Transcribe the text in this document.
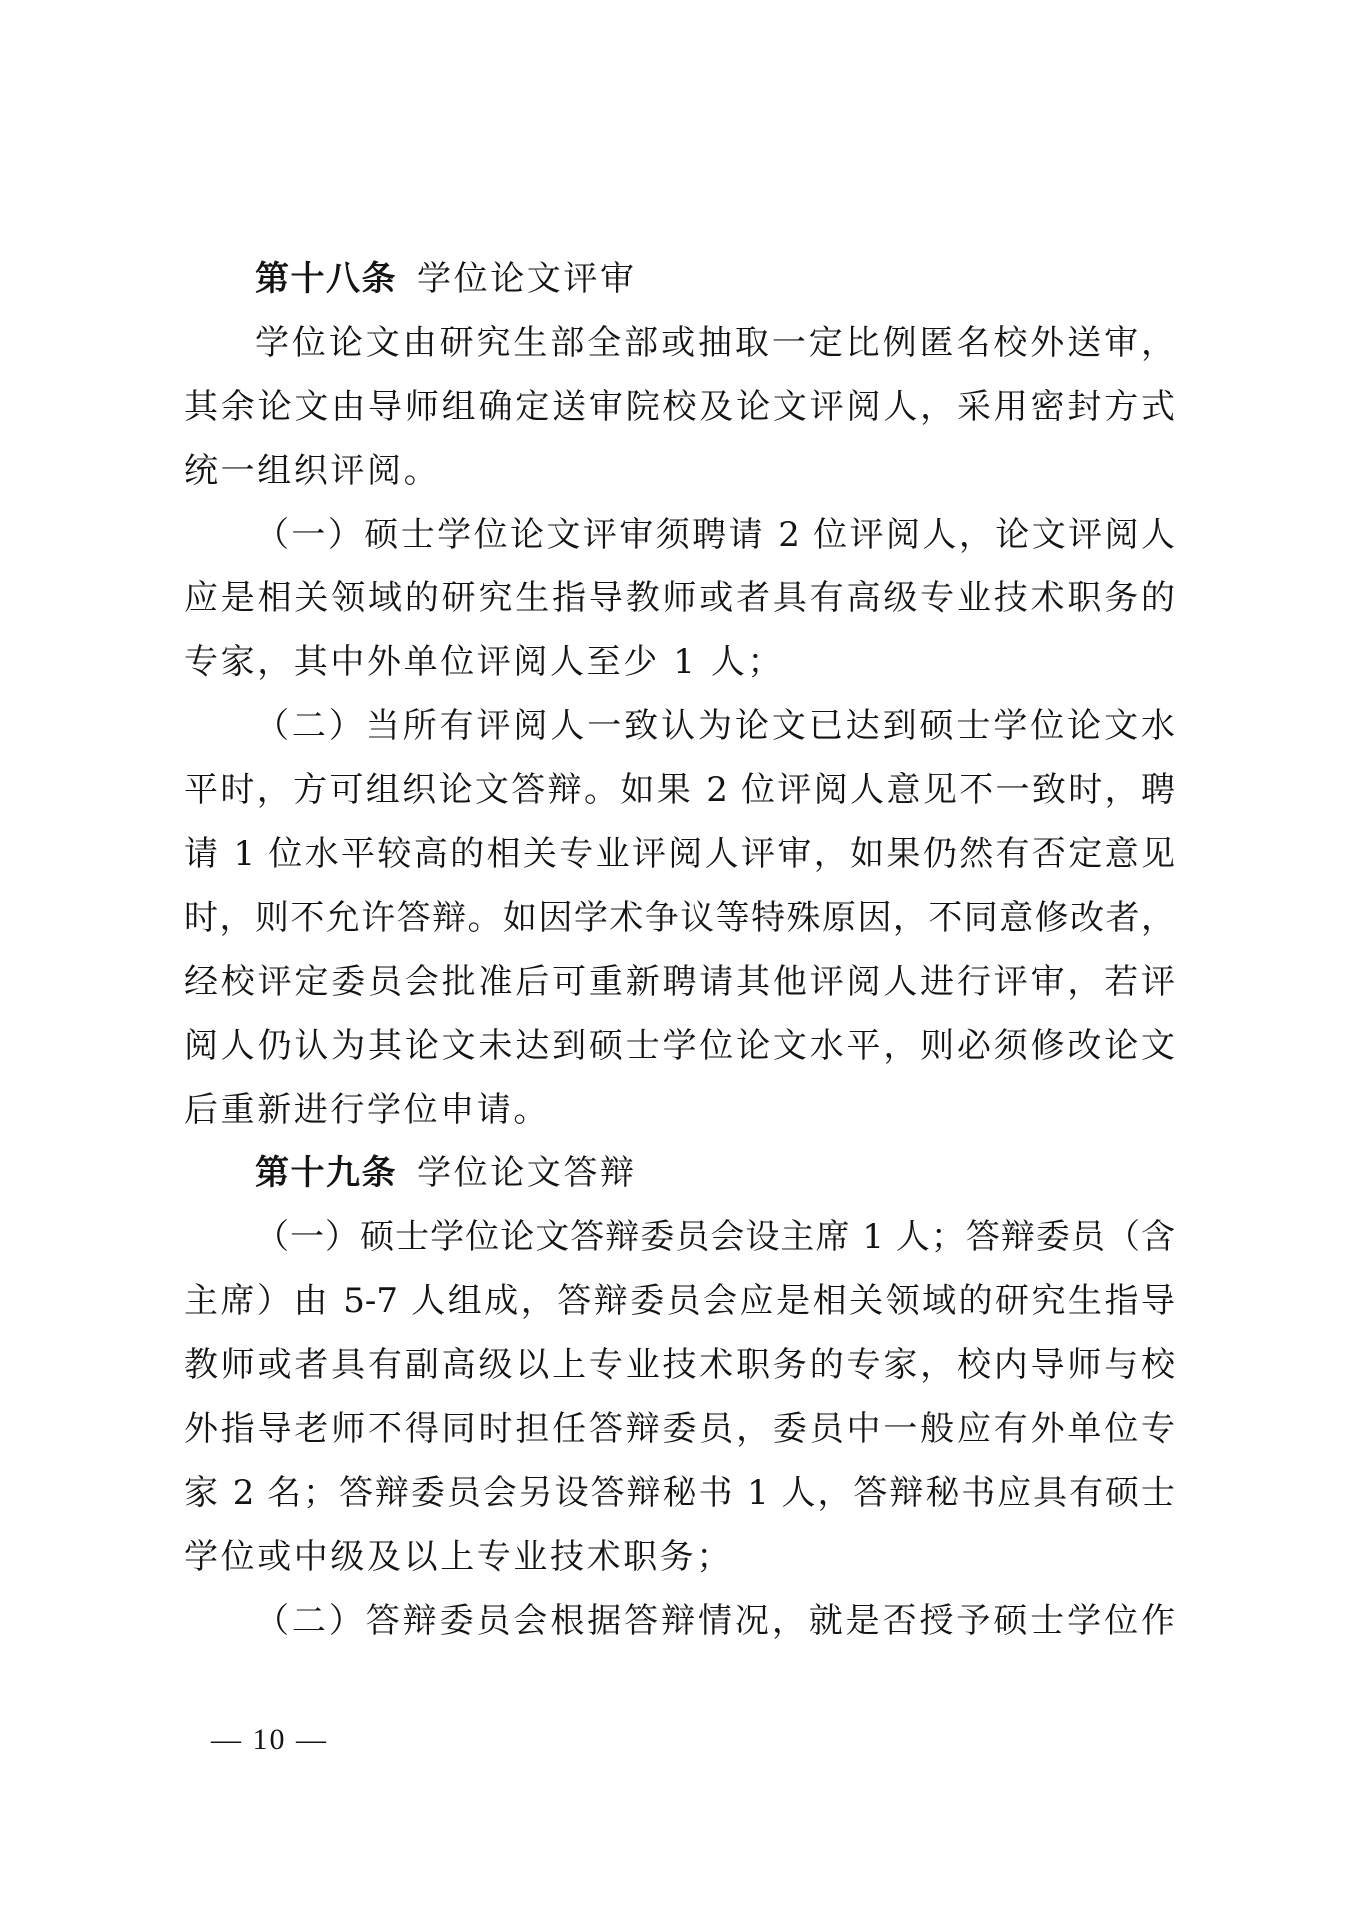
第十八条 学位论文评审
学位论文由研究生部全部或抽取一定比例匿名校外送审，
其余论文由导师组确定送审院校及论文评阅人，采用密封方式
统一组织评阅。
（一）硕士学位论文评审须聘请 2 位评阅人，论文评阅人
应是相关领域的研究生指导教师或者具有高级专业技术职务的
专家，其中外单位评阅人至少 1 人；
（二）当所有评阅人一致认为论文已达到硕士学位论文水
平时，方可组织论文答辩。如果 2 位评阅人意见不一致时，聘
请 1 位水平较高的相关专业评阅人评审，如果仍然有否定意见
时，则不允许答辩。如因学术争议等特殊原因，不同意修改者，
经校评定委员会批准后可重新聘请其他评阅人进行评审，若评
阅人仍认为其论文未达到硕士学位论文水平，则必须修改论文
后重新进行学位申请。
第十九条 学位论文答辩
（一）硕士学位论文答辩委员会设主席 1 人；答辩委员（含
主席）由 5-7 人组成，答辩委员会应是相关领域的研究生指导
教师或者具有副高级以上专业技术职务的专家，校内导师与校
外指导老师不得同时担任答辩委员，委员中一般应有外单位专
家 2 名；答辩委员会另设答辩秘书 1 人，答辩秘书应具有硕士
学位或中级及以上专业技术职务；
（二）答辩委员会根据答辩情况，就是否授予硕士学位作
— 10 —
